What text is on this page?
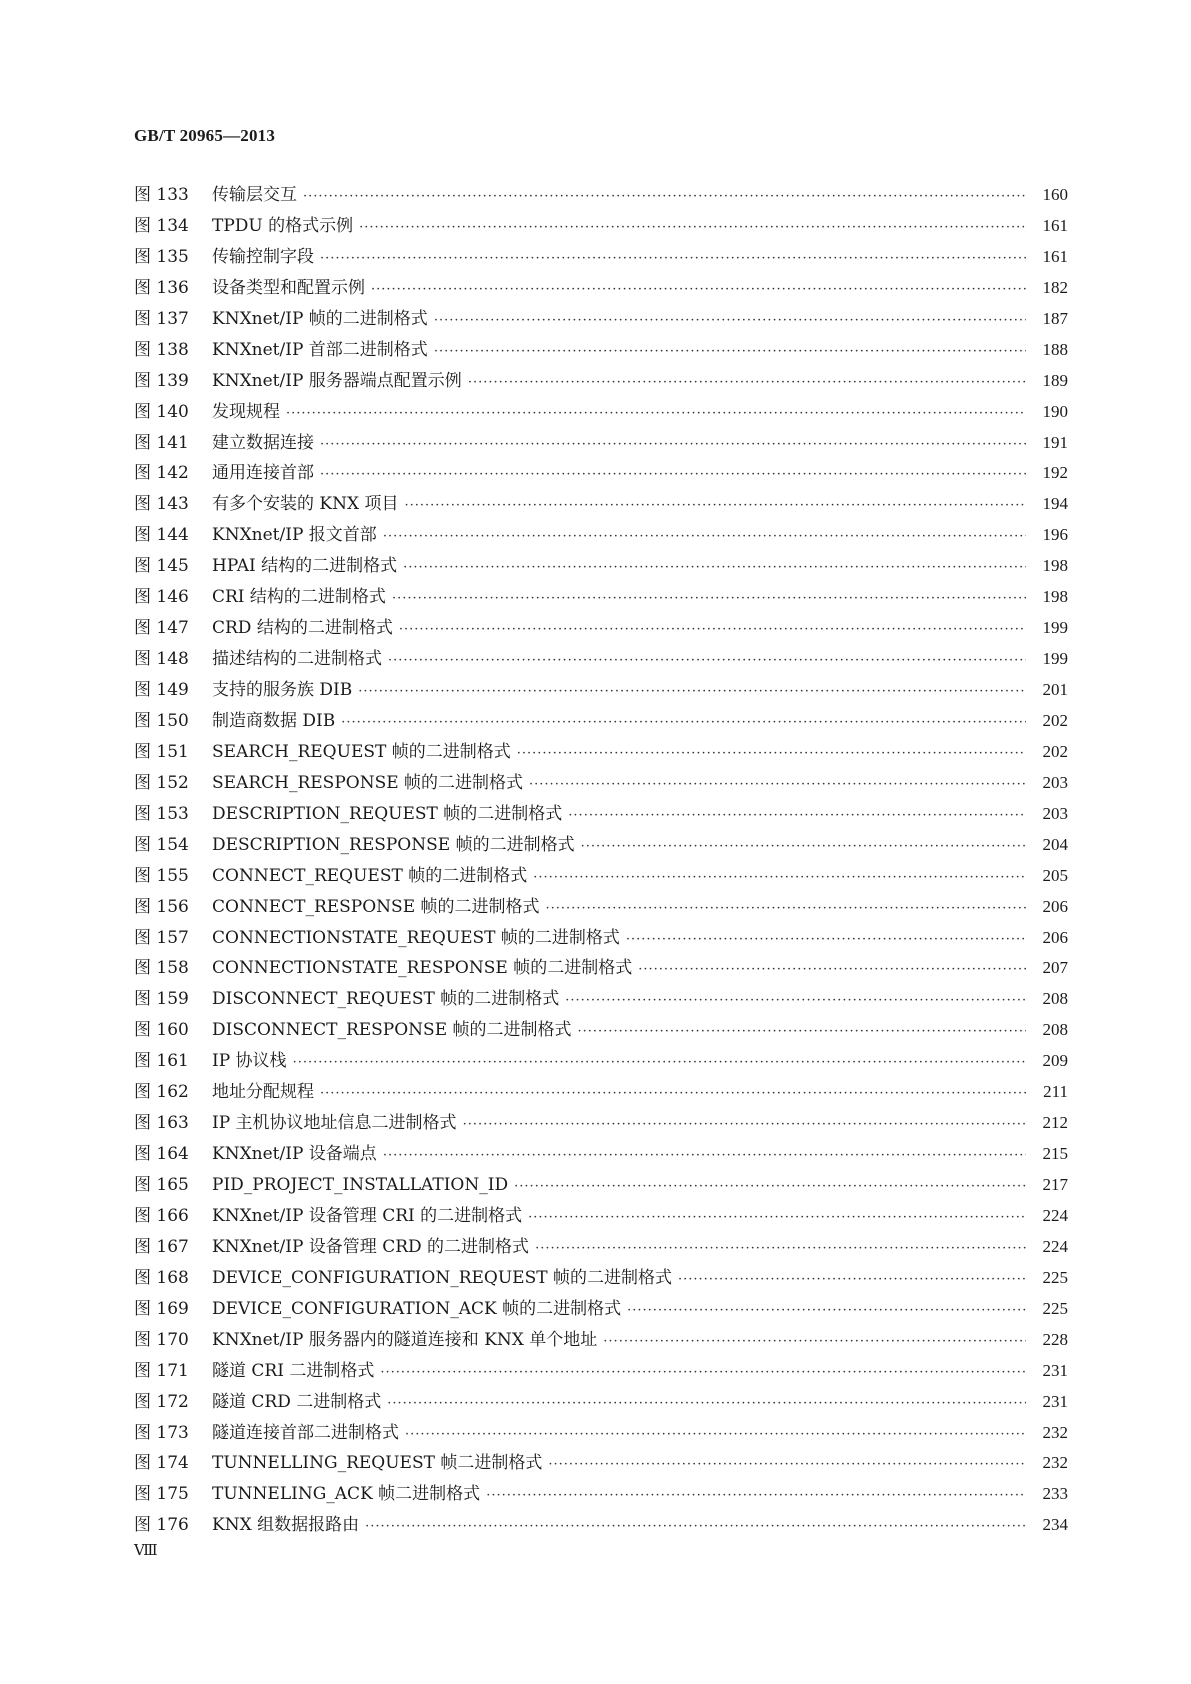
GB/T 20965—2013
图 133	传输层交互 ·····	160
图 134	TPDU 的格式示例 ·····	161
图 135	传输控制字段 ·····	161
图 136	设备类型和配置示例 ·····	182
图 137	KNXnet/IP 帧的二进制格式 ·····	187
图 138	KNXnet/IP 首部二进制格式 ·····	188
图 139	KNXnet/IP 服务器端点配置示例 ·····	189
图 140	发现规程 ·····	190
图 141	建立数据连接 ·····	191
图 142	通用连接首部 ·····	192
图 143	有多个安装的 KNX 项目 ·····	194
图 144	KNXnet/IP 报文首部 ·····	196
图 145	HPAI 结构的二进制格式 ·····	198
图 146	CRI 结构的二进制格式 ·····	198
图 147	CRD 结构的二进制格式 ·····	199
图 148	描述结构的二进制格式 ·····	199
图 149	支持的服务族 DIB ·····	201
图 150	制造商数据 DIB ·····	202
图 151	SEARCH_REQUEST 帧的二进制格式 ·····	202
图 152	SEARCH_RESPONSE 帧的二进制格式 ·····	203
图 153	DESCRIPTION_REQUEST 帧的二进制格式 ·····	203
图 154	DESCRIPTION_RESPONSE 帧的二进制格式 ·····	204
图 155	CONNECT_REQUEST 帧的二进制格式 ·····	205
图 156	CONNECT_RESPONSE 帧的二进制格式 ·····	206
图 157	CONNECTIONSTATE_REQUEST 帧的二进制格式 ·····	206
图 158	CONNECTIONSTATE_RESPONSE 帧的二进制格式 ·····	207
图 159	DISCONNECT_REQUEST 帧的二进制格式 ·····	208
图 160	DISCONNECT_RESPONSE 帧的二进制格式 ·····	208
图 161	IP 协议栈 ·····	209
图 162	地址分配规程 ·····	211
图 163	IP 主机协议地址信息二进制格式 ·····	212
图 164	KNXnet/IP 设备端点 ·····	215
图 165	PID_PROJECT_INSTALLATION_ID ·····	217
图 166	KNXnet/IP 设备管理 CRI 的二进制格式 ·····	224
图 167	KNXnet/IP 设备管理 CRD 的二进制格式 ·····	224
图 168	DEVICE_CONFIGURATION_REQUEST 帧的二进制格式 ·····	225
图 169	DEVICE_CONFIGURATION_ACK 帧的二进制格式 ·····	225
图 170	KNXnet/IP 服务器内的隧道连接和 KNX 单个地址 ·····	228
图 171	隧道 CRI 二进制格式 ·····	231
图 172	隧道 CRD 二进制格式 ·····	231
图 173	隧道连接首部二进制格式 ·····	232
图 174	TUNNELLING_REQUEST 帧二进制格式 ·····	232
图 175	TUNNELING_ACK 帧二进制格式 ·····	233
图 176	KNX 组数据报路由 ·····	234
Ⅷ
